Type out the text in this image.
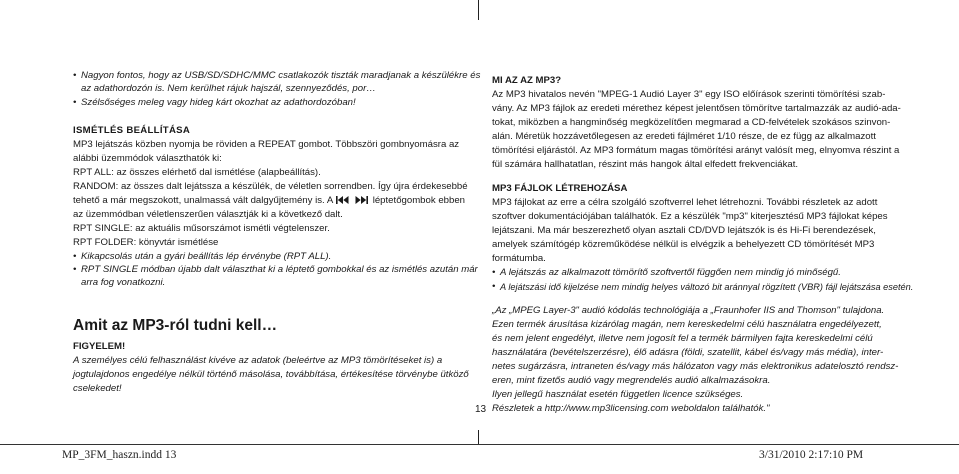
• Nagyon fontos, hogy az USB/SD/SDHC/MMC csatlakozók tiszták maradjanak a készülékre és
az adathordozón is. Nem kerülhet rájuk hajszál, szennyeződés, por…
• Szélsőséges meleg vagy hideg kárt okozhat az adathordozóban!
ISMÉTLÉS BEÁLLÍTÁSA
MP3 lejátszás közben nyomja be röviden a REPEAT gombot. Többszöri gombnyomásra az
alábbi üzemmódok választhatók ki:
RPT ALL: az összes elérhető dal ismétlése (alapbeállítás).
RANDOM: az összes dalt lejátssza a készülék, de véletlen sorrendben. Így újra érdekesebbé
tehető a már megszokott, unalmassá vált dalgyűjtemény is. A
	léptetőgombok ebben
az üzemmódban véletlenszerűen választják ki a következő dalt.
RPT SINGLE: az aktuális műsorszámot ismétli végtelenszer.
RPT FOLDER: könyvtár ismétlése
• Kikapcsolás után a gyári beállítás lép érvénybe (RPT ALL).
• RPT SINGLE módban újabb dalt választhat ki a léptető gombokkal és az ismétlés azután már
arra fog vonatkozni.
Amit az MP3-ról tudni kell…
FIGYELEM!
A személyes célú felhasználást kivéve az adatok (beleértve az MP3 tömörítéseket is) a
jogtulajdonos engedélye nélkül történő másolása, továbbítása, értékesítése törvénybe ütköző
cselekedet!
MI AZ AZ MP3?
Az MP3 hivatalos nevén "MPEG-1 Audió Layer 3" egy ISO előírások szerinti tömörítési szab-
vány. Az MP3 fájlok az eredeti mérethez képest jelentősen tömörítve tartalmazzák az audió-ada-
tokat, miközben a hangminőség megközelítően megmarad a CD-felvételek szokásos szinvon-
alán. Méretük hozzávetőlegesen az eredeti fájlméret 1/10 része, de ez függ az alkalmazott
tömörítési eljárástól. Az MP3 formátum magas tömörítési arányt valósít meg, elnyomva részint a
fül számára hallhatatlan, részint más hangok által elfedett frekvenciákat.
MP3 FÁJLOK LÉTREHOZÁSA
MP3 fájlokat az erre a célra szolgáló szoftverrel lehet létrehozni. További részletek az adott
szoftver dokumentációjában találhatók. Ez a készülék "mp3" kiterjesztésű MP3 fájlokat képes
lejátszani. Ma már beszerezhető olyan asztali CD/DVD lejátszók is és Hi-Fi berendezések,
amelyek számítógép közreműködése nélkül is elvégzik a behelyezett CD tömörítését MP3
formátumba.
• A lejátszás az alkalmazott tömörítő szoftvertől függően nem mindig jó minőségű.
• A lejátszási idő kijelzése nem mindig helyes változó bit aránnyal rögzített (VBR) fájl lejátszása esetén.
„Az „MPEG Layer-3" audió kódolás technológiája a „Fraunhofer IIS and Thomson" tulajdona.
Ezen termék árusítása kizárólag magán, nem kereskedelmi célú használatra engedélyezett,
és nem jelent engedélyt, illetve nem jogosít fel a termék bármilyen fajta kereskedelmi célú
használatára (bevételszerzésre), élő adásra (földi, szatellit, kábel és/vagy más média), inter-
netes sugárzásra, intraneten és/vagy más hálózaton vagy más elektronikus adatelosztó rendsz-
eren, mint fizetős audió vagy megrendelés audió alkalmazásokra.
Ilyen jellegű használat esetén független licence szükséges.
Részletek a http://www.mp3licensing.com weboldalon találhatók."
13
MP_3FM_haszn.indd 13	3/31/2010 2:17:10 PM
